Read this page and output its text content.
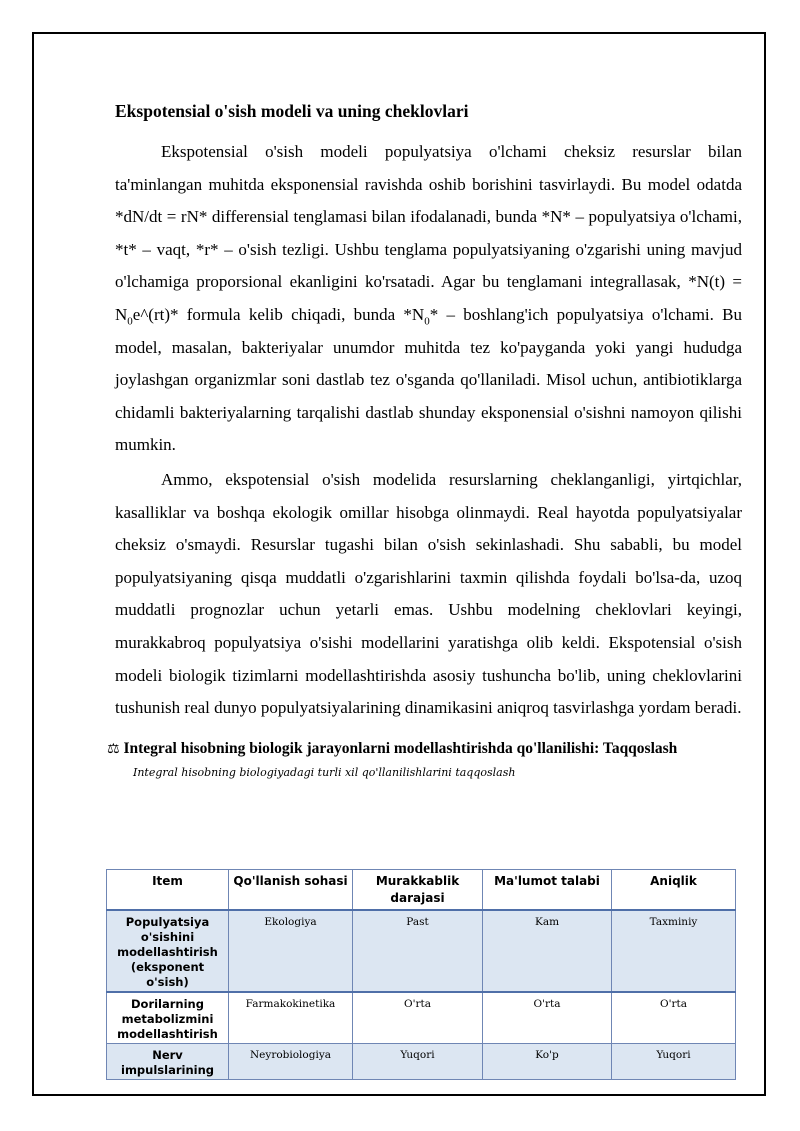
Ekspotensial o'sish modeli va uning cheklovlari

Ekspotensial o'sish modeli populyatsiya o'lchami cheksiz resurslar bilan ta'minlangan muhitda eksponensial ravishda oshib borishini tasvirlaydi. Bu model odatda *dN/dt = rN* differensial tenglamasi bilan ifodalanadi, bunda *N* – populyatsiya o'lchami, *t* – vaqt, *r* – o'sish tezligi. Ushbu tenglama populyatsiyaning o'zgarishi uning mavjud o'lchamiga proporsional ekanligini ko'rsatadi. Agar bu tenglamani integrallasak, $*N(t) = N_0e\^{}(rt)*$ formula kelib chiqadi, bunda $*N_0*$ – boshlang'ich populyatsiya o'lchami. Bu model, masalan, bakteriyalar unumdor muhitda tez ko'payganda yoki yangi hududga joylashgan organizmlar soni dastlab tez o'sganda qo'llaniladi. Misol uchun, antibiotiklarga chidamli bakteriyalarning tarqalishi dastlab shunday eksponensial o'sishni namoyon qilishi mumkin.

Ammo, ekspotensial o'sish modelida resurslarning cheklanganligi, yirtqichlar, kasalliklar va boshqa ekologik omillar hisobga olinmaydi. Real hayotda populyatsiyalar cheksiz o'smaydi. Resurslar tugashi bilan o'sish sekinlashadi. Shu sababli, bu model populyatsiyaning qisqa muddatli o'zgarishlarini taxmin qilishda foydali bo'lsa-da, uzoq muddatli prognozlar uchun yetarli emas. Ushbu modelning cheklovlari keyingi, murakkabroq populyatsiya o'sishi modellarini yaratishga olib keldi. Ekspotensial o'sish modeli biologik tizimlarni modellashtirishda asosiy tushuncha bo'lib, uning cheklovlarini tushunish real dunyo populyatsiyalarining dinamikasini aniqroq tasvirlashga yordam beradi.

⚖ Integral hisobning biologik jarayonlarni modellashtirishda qo'llanilishi: Taqqoslash
Integral hisobning biologiyadagi turli xil qo'llanilishlarini taqqoslash
Item	Qo'llanish sohasi	Murakkablik darajasi	Ma'lumot talabi	Aniqlik
Populyatsiya o'sishini modellashtirish (eksponent o'sish)	Ekologiya	Past	Kam	Taxminiy
Dorilarning metabolizmini modellashtirish	Farmakokinetika	O'rta	O'rta	O'rta
Nerv impulslarining	Neyrobiologiya	Yuqori	Ko'p	Yuqori
